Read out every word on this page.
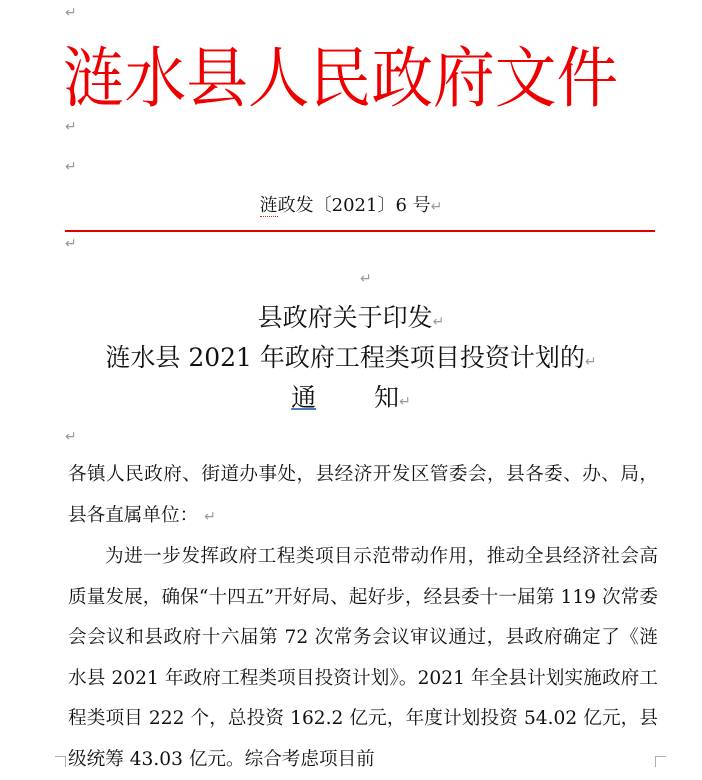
↵
↵
↵
↵
↵
↵
涟水县人民政府文件
涟政发〔2021〕6 号↵
县政府关于印发↵
涟水县 2021 年政府工程类项目投资计划的↵
通 知↵
各镇人民政府、街道办事处，县经济开发区管委会，县各委、办、局，县各直属单位： ↵
为进一步发挥政府工程类项目示范带动作用，推动全县经济社会高质量发展，确保“十四五”开好局、起好步，经县委十一届第 119 次常委会会议和县政府十六届第 72 次常务会议审议通过，县政府确定了《涟水县 2021 年政府工程类项目投资计划》。2021 年全县计划实施政府工程类项目 222 个，总投资 162.2 亿元，年度计划投资 54.02 亿元，县级统筹 43.03 亿元。综合考虑项目前
